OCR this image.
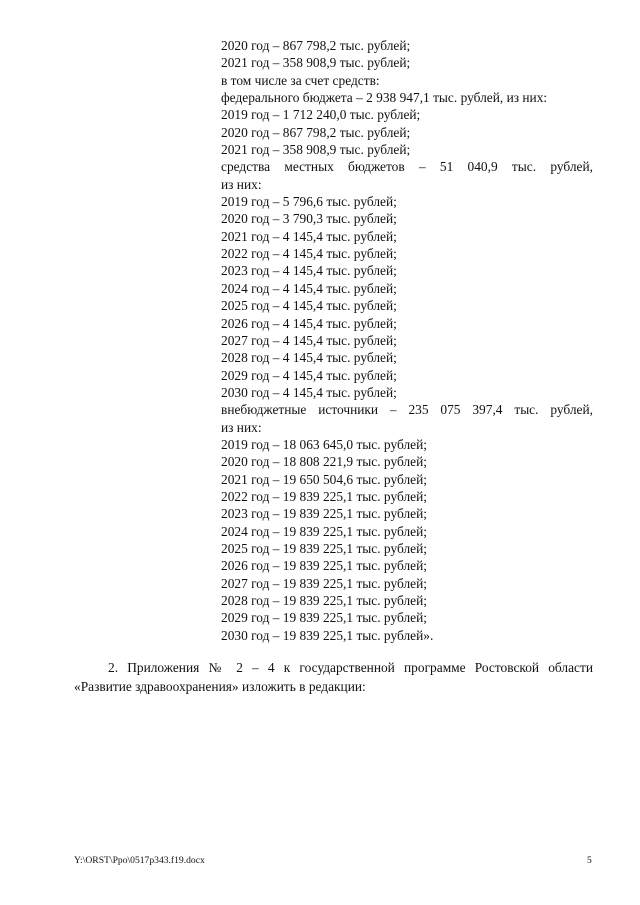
2020 год – 867 798,2 тыс. рублей;
2021 год – 358 908,9 тыс. рублей;
в том числе за счет средств:
федерального бюджета – 2 938 947,1 тыс. рублей, из них:
2019 год – 1 712 240,0 тыс. рублей;
2020 год – 867 798,2 тыс. рублей;
2021 год – 358 908,9 тыс. рублей;
средства местных бюджетов – 51 040,9 тыс. рублей,
из них:
2019 год – 5 796,6 тыс. рублей;
2020 год – 3 790,3 тыс. рублей;
2021 год – 4 145,4 тыс. рублей;
2022 год – 4 145,4 тыс. рублей;
2023 год – 4 145,4 тыс. рублей;
2024 год – 4 145,4 тыс. рублей;
2025 год – 4 145,4 тыс. рублей;
2026 год – 4 145,4 тыс. рублей;
2027 год – 4 145,4 тыс. рублей;
2028 год – 4 145,4 тыс. рублей;
2029 год – 4 145,4 тыс. рублей;
2030 год – 4 145,4 тыс. рублей;
внебюджетные источники – 235 075 397,4 тыс. рублей,
из них:
2019 год – 18 063 645,0 тыс. рублей;
2020 год – 18 808 221,9 тыс. рублей;
2021 год – 19 650 504,6 тыс. рублей;
2022 год – 19 839 225,1 тыс. рублей;
2023 год – 19 839 225,1 тыс. рублей;
2024 год – 19 839 225,1 тыс. рублей;
2025 год – 19 839 225,1 тыс. рублей;
2026 год – 19 839 225,1 тыс. рублей;
2027 год – 19 839 225,1 тыс. рублей;
2028 год – 19 839 225,1 тыс. рублей;
2029 год – 19 839 225,1 тыс. рублей;
2030 год – 19 839 225,1 тыс. рублей».
2. Приложения № 2 – 4 к государственной программе Ростовской области
«Развитие здравоохранения» изложить в редакции:
Y:\ORST\Ppo\0517p343.f19.docx	5
